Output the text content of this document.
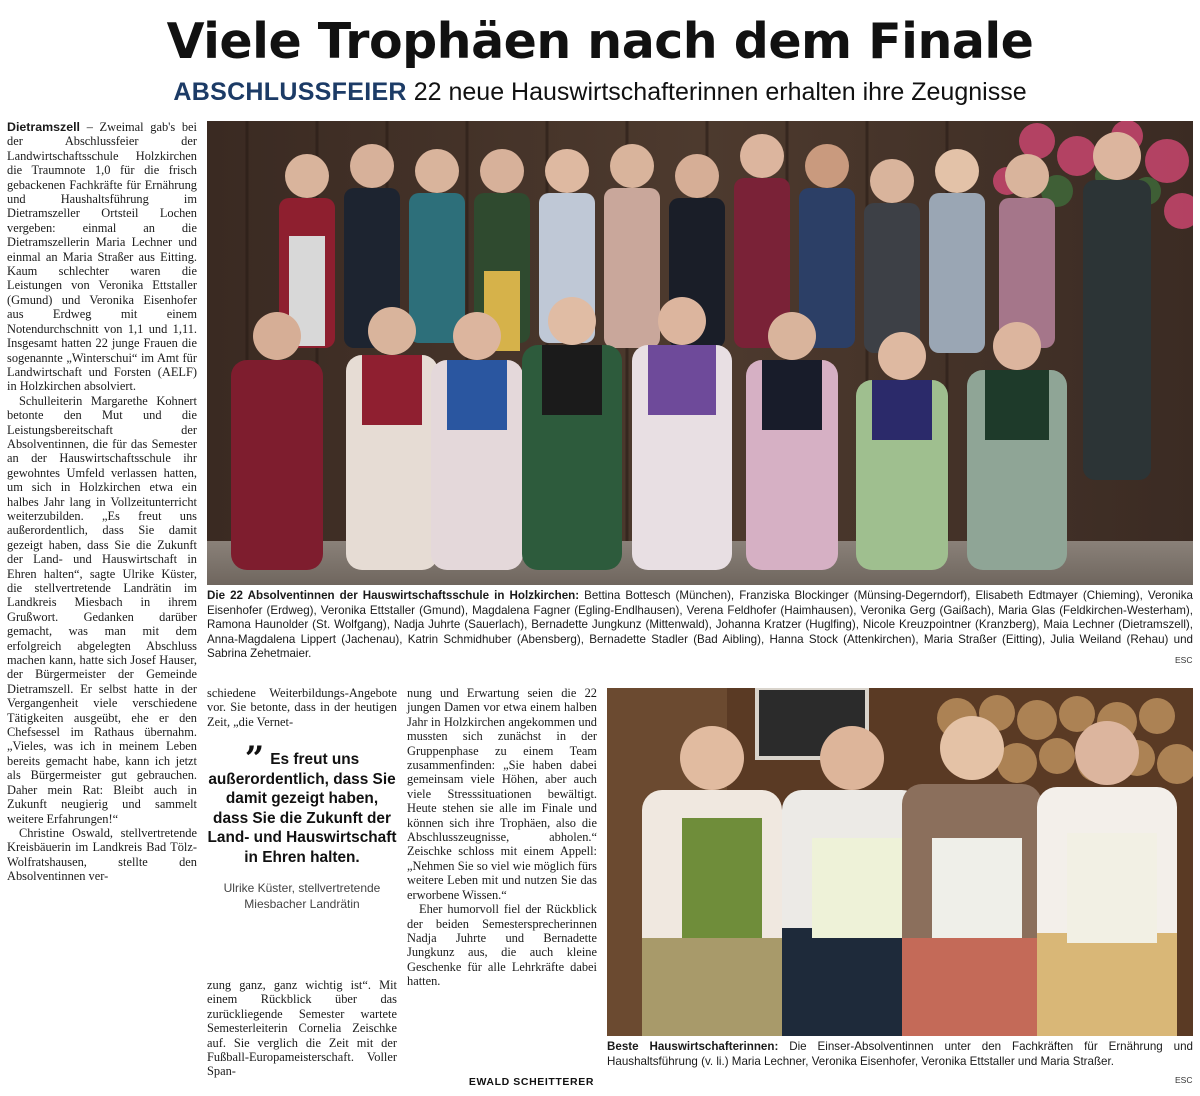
Viele Trophäen nach dem Finale
ABSCHLUSSFEIER 22 neue Hauswirtschafterinnen erhalten ihre Zeugnisse

Dietramszell – Zweimal gab's bei der Abschlussfeier der Landwirtschaftsschule Holzkirchen die Traumnote 1,0 für die frisch gebackenen Fachkräfte für Ernährung und Haushaltsführung im Dietramszeller Ortsteil Lochen vergeben: einmal an die Dietramszellerin Maria Lechner und einmal an Maria Straßer aus Eitting. Kaum schlechter waren die Leistungen von Veronika Ettstaller (Gmund) und Veronika Eisenhofer aus Erdweg mit einem Notendurchschnitt von 1,1 und 1,11. Insgesamt hatten 22 junge Frauen die sogenannte „Winterschui“ im Amt für Landwirtschaft und Forsten (AELF) in Holzkirchen absolviert.

Schulleiterin Margarethe Kohnert betonte den Mut und die Leistungsbereitschaft der Absolventinnen, die für das Semester an der Hauswirtschaftsschule ihr gewohntes Umfeld verlassen hatten, um sich in Holzkirchen etwa ein halbes Jahr lang in Vollzeitunterricht weiterzubilden. „Es freut uns außerordentlich, dass Sie damit gezeigt haben, dass Sie die Zukunft der Land- und Hauswirtschaft in Ehren halten“, sagte Ulrike Küster, die stellvertretende Landrätin im Landkreis Miesbach in ihrem Grußwort. Gedanken darüber gemacht, was man mit dem erfolgreich abgelegten Abschluss machen kann, hatte sich Josef Hauser, der Bürgermeister der Gemeinde Dietramszell. Er selbst hatte in der Vergangenheit viele verschiedene Tätigkeiten ausgeübt, ehe er den Chefsessel im Rathaus übernahm. „Vieles, was ich in meinem Leben bereits gemacht habe, kann ich jetzt als Bürgermeister gut gebrauchen. Daher mein Rat: Bleibt auch in Zukunft neugierig und sammelt weitere Erfahrungen!“

Christine Oswald, stellvertretende Kreisbäuerin im Landkreis Bad Tölz-Wolfratshausen, stellte den Absolventinnen ver-

Die 22 Absolventinnen der Hauswirtschaftsschule in Holzkirchen: Bettina Bottesch (München), Franziska Blockinger (Münsing-Degerndorf), Elisabeth Edtmayer (Chieming), Veronika Eisenhofer (Erdweg), Veronika Ettstaller (Gmund), Magdalena Fagner (Egling-Endlhausen), Verena Feldhofer (Haimhausen), Veronika Gerg (Gaißach), Maria Glas (Feldkirchen-Westerham), Ramona Haunolder (St. Wolfgang), Nadja Juhrte (Sauerlach), Bernadette Jungkunz (Mittenwald), Johanna Kratzer (Huglfing), Nicole Kreuzpointner (Kranzberg), Maia Lechner (Dietramszell), Anna-Magdalena Lippert (Jachenau), Katrin Schmidhuber (Abensberg), Bernadette Stadler (Bad Aibling), Hanna Stock (Attenkirchen), Maria Straßer (Eitting), Julia Weiland (Rehau) und Sabrina Zehetmaier.	ESC

schiedene Weiterbildungs-Angebote vor. Sie betonte, dass in der heutigen Zeit, „die Vernet-

” Es freut uns außerordentlich, dass Sie damit gezeigt haben, dass Sie die Zukunft der Land- und Hauswirtschaft in Ehren halten.
Ulrike Küster, stellvertretende Miesbacher Landrätin

zung ganz, ganz wichtig ist“. Mit einem Rückblick über das zurückliegende Semester wartete Semesterleiterin Cornelia Zeischke auf. Sie verglich die Zeit mit der Fußball-Europameisterschaft. Voller Span-

nung und Erwartung seien die 22 jungen Damen vor etwa einem halben Jahr in Holzkirchen angekommen und mussten sich zunächst in der Gruppenphase zu einem Team zusammenfinden: „Sie haben dabei gemeinsam viele Höhen, aber auch viele Stresssituationen bewältigt. Heute stehen sie alle im Finale und können sich ihre Trophäen, also die Abschlusszeugnisse, abholen.“ Zeischke schloss mit einem Appell: „Nehmen Sie so viel wie möglich fürs weitere Leben mit und nutzen Sie das erworbene Wissen.“

Eher humorvoll fiel der Rückblick der beiden Semestersprecherinnen Nadja Juhrte und Bernadette Jungkunz aus, die auch kleine Geschenke für alle Lehrkräfte dabei hatten.

EWALD SCHEITTERER
Beste Hauswirtschafterinnen: Die Einser-Absolventinnen unter den Fachkräften für Ernährung und Haushaltsführung (v. li.) Maria Lechner, Veronika Eisenhofer, Veronika Ettstaller und Maria Straßer.
ESC
